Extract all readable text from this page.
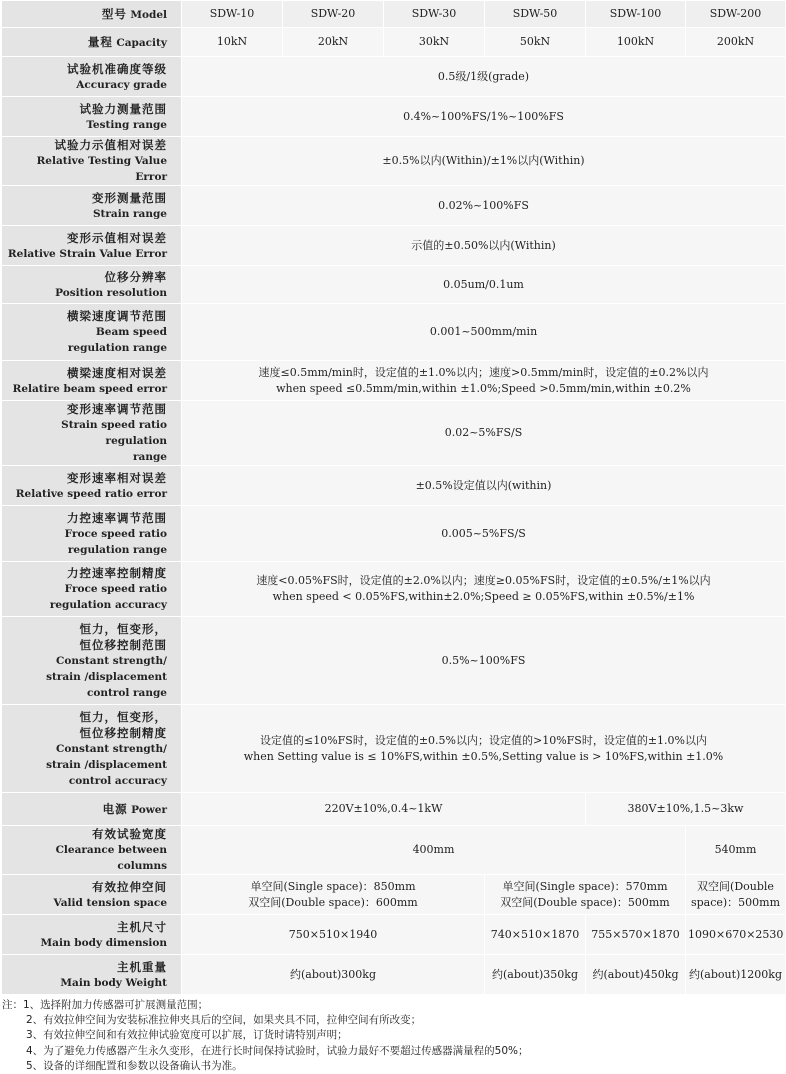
型号 Model	SDW-10	SDW-20	SDW-30	SDW-50	SDW-100	SDW-200
量程 Capacity	10kN	20kN	30kN	50kN	100kN	200kN

试验机准确度等级
Accuracy grade	0.5级/1级(grade)					

试验力测量范围
Testing range	0.4%~100%FS/1%~100%FS					

试验力示值相对误差
Relative Testing Value Error	±0.5%以内(Within)/±1%以内(Within)					

变形测量范围
Strain range	0.02%~100%FS					

变形示值相对误差
Relative Strain Value Error	示值的±0.50%以内(Within)					

位移分辨率
Position resolution	0.05um/0.1um					

横梁速度调节范围
Beam speed
regulation range	0.001~500mm/min					

横梁速度相对误差
Relatire beam speed error	速度≤0.5mm/min时，设定值的±1.0%以内；速度>0.5mm/min时，设定值的±0.2%以内
when speed ≤0.5mm/min,within ±1.0%;Speed >0.5mm/min,within ±0.2%					

变形速率调节范围
Strain speed ratio regulation
range	0.02~5%FS/S					

变形速率相对误差
Relative speed ratio error	±0.5%设定值以内(within)					

力控速率调节范围
Froce speed ratio
regulation range	0.005~5%FS/S					

力控速率控制精度
Froce speed ratio
regulation accuracy	速度<0.05%FS时，设定值的±2.0%以内；速度≥0.05%FS时，设定值的±0.5%/±1%以内
when speed < 0.05%FS,within±2.0%;Speed ≥ 0.05%FS,within ±0.5%/±1%					

恒力，恒变形，
恒位移控制范围
Constant strength/
strain /displacement
control range	0.5%~100%FS					

恒力，恒变形，
恒位移控制精度
Constant strength/
strain /displacement
control accuracy	设定值的≤10%FS时，设定值的±0.5%以内；设定值的>10%FS时，设定值的±1.0%以内
when Setting value is ≤ 10%FS,within ±0.5%,Setting value is > 10%FS,within ±1.0%					

电源 Power	220V±10%,0.4~1kW				380V±10%,1.5~3kw	

有效试验宽度
Clearance between columns	400mm					540mm

有效拉伸空间
Valid tension space	单空间(Single space)：850mm
双空间(Double space)：600mm			单空间(Single space)：570mm
双空间(Double space)：500mm		双空间(Double
space)：500mm

主机尺寸
Main body dimension	750×510×1940			740×510×1870	755×570×1870	1090×670×2530

主机重量
Main body Weight	约(about)300kg			约(about)350kg	约(about)450kg	约(about)1200kg
注：1、选择附加力传感器可扩展测量范围；
2、有效拉伸空间为安装标准拉伸夹具后的空间，如果夹具不同，拉伸空间有所改变；
3、有效拉伸空间和有效拉伸试验宽度可以扩展，订货时请特别声明；
4、为了避免力传感器产生永久变形，在进行长时间保持试验时，试验力最好不要超过传感器满量程的50%；
5、设备的详细配置和参数以设备确认书为准。
